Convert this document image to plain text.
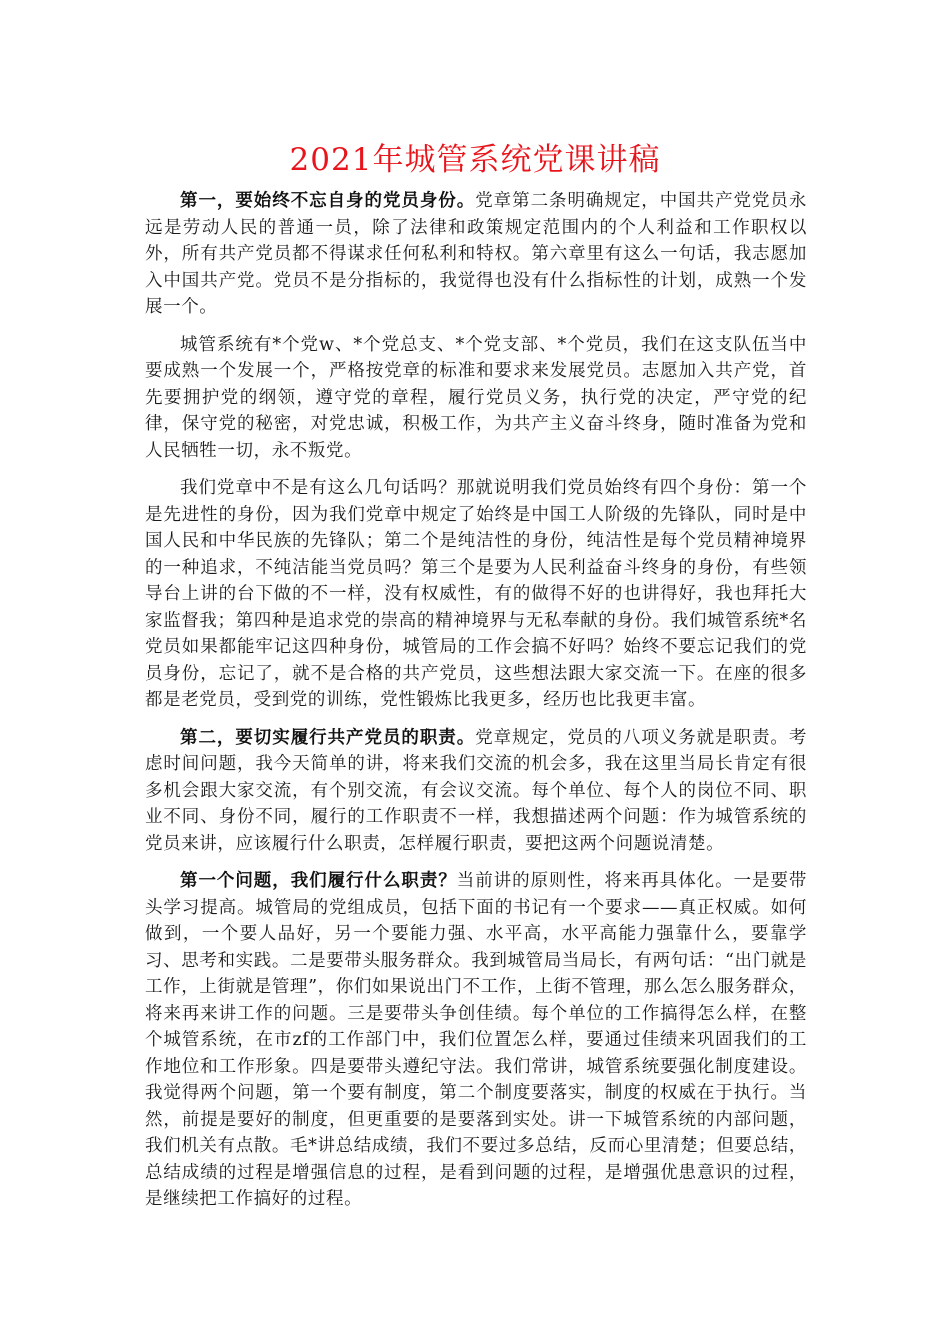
2021年城管系统党课讲稿

第一，要始终不忘自身的党员身份。党章第二条明确规定，中国共产党党员永远是劳动人民的普通一员，除了法律和政策规定范围内的个人利益和工作职权以外，所有共产党员都不得谋求任何私利和特权。第六章里有这么一句话，我志愿加入中国共产党。党员不是分指标的，我觉得也没有什么指标性的计划，成熟一个发展一个。

城管系统有*个党w、*个党总支、*个党支部、*个党员，我们在这支队伍当中要成熟一个发展一个，严格按党章的标准和要求来发展党员。志愿加入共产党，首先要拥护党的纲领，遵守党的章程，履行党员义务，执行党的决定，严守党的纪律，保守党的秘密，对党忠诚，积极工作，为共产主义奋斗终身，随时准备为党和人民牺牲一切，永不叛党。

我们党章中不是有这么几句话吗？那就说明我们党员始终有四个身份：第一个是先进性的身份，因为我们党章中规定了始终是中国工人阶级的先锋队，同时是中国人民和中华民族的先锋队；第二个是纯洁性的身份，纯洁性是每个党员精神境界的一种追求，不纯洁能当党员吗？第三个是要为人民利益奋斗终身的身份，有些领导台上讲的台下做的不一样，没有权威性，有的做得不好的也讲得好，我也拜托大家监督我；第四种是追求党的崇高的精神境界与无私奉献的身份。我们城管系统*名党员如果都能牢记这四种身份，城管局的工作会搞不好吗？始终不要忘记我们的党员身份，忘记了，就不是合格的共产党员，这些想法跟大家交流一下。在座的很多都是老党员，受到党的训练，党性锻炼比我更多，经历也比我更丰富。

第二，要切实履行共产党员的职责。党章规定，党员的八项义务就是职责。考虑时间问题，我今天简单的讲，将来我们交流的机会多，我在这里当局长肯定有很多机会跟大家交流，有个别交流，有会议交流。每个单位、每个人的岗位不同、职业不同、身份不同，履行的工作职责不一样，我想描述两个问题：作为城管系统的党员来讲，应该履行什么职责，怎样履行职责，要把这两个问题说清楚。

第一个问题，我们履行什么职责？当前讲的原则性，将来再具体化。一是要带头学习提高。城管局的党组成员，包括下面的书记有一个要求——真正权威。如何做到，一个要人品好，另一个要能力强、水平高，水平高能力强靠什么，要靠学习、思考和实践。二是要带头服务群众。我到城管局当局长，有两句话：“出门就是工作，上街就是管理”，你们如果说出门不工作，上街不管理，那么怎么服务群众，将来再来讲工作的问题。三是要带头争创佳绩。每个单位的工作搞得怎么样，在整个城管系统，在市zf的工作部门中，我们位置怎么样，要通过佳绩来巩固我们的工作地位和工作形象。四是要带头遵纪守法。我们常讲，城管系统要强化制度建设。我觉得两个问题，第一个要有制度，第二个制度要落实，制度的权威在于执行。当然，前提是要好的制度，但更重要的是要落到实处。讲一下城管系统的内部问题，我们机关有点散。毛*讲总结成绩，我们不要过多总结，反而心里清楚；但要总结，总结成绩的过程是增强信息的过程，是看到问题的过程，是增强优患意识的过程，是继续把工作搞好的过程。
